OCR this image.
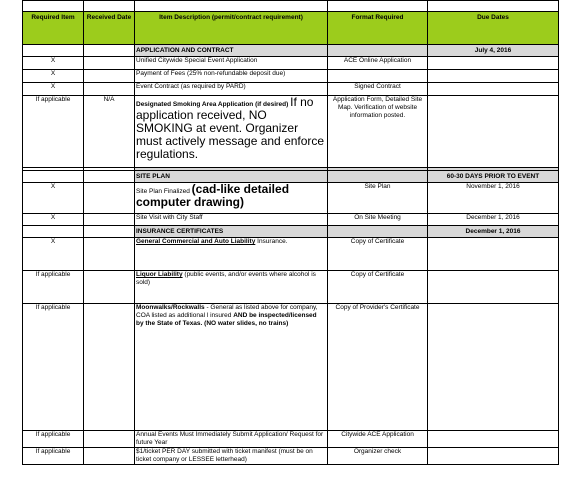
Required Item	Received Date	Item Description (permit/contract requirement)	Format Required	Due Dates
		APPLICATION AND CONTRACT		July 4, 2016
X		Unified Citywide Special Event Application	ACE Online Application	
X		Payment of Fees (25% non-refundable deposit due)		
X		Event Contract (as required by PARD)	Signed Contract	
If applicable	N/A	Designated Smoking Area Application (if desired) If no application received, NO SMOKING at event. Organizer must actively message and enforce regulations.	Application Form, Detailed Site Map. Verification of website information posted.	

		SITE PLAN		60-30 DAYS PRIOR TO EVENT
X		Site Plan Finalized (cad-like detailed computer drawing)	Site Plan	November 1, 2016
X		Site Visit with City Staff	On Site Meeting	December 1, 2016
		INSURANCE CERTIFICATES		December 1, 2016
X		General Commercial and Auto Liability Insurance.	Copy of Certificate	
If applicable		Liquor Liability (public events, and/or events where alcohol is sold)	Copy of Certificate	
If applicable		Moonwalks/Rockwalls - General as listed above for company, COA listed as additional l insured AND be inspected/licensed by the State of Texas. (NO water slides, no trains)	Copy of Provider's Certificate	
If applicable		Annual Events Must Immediately Submit Application/ Request for future Year	Citywide ACE Application	
If applicable		$1/ticket PER DAY submitted with ticket manifest (must be on ticket company or LESSEE letterhead)	Organizer check	
